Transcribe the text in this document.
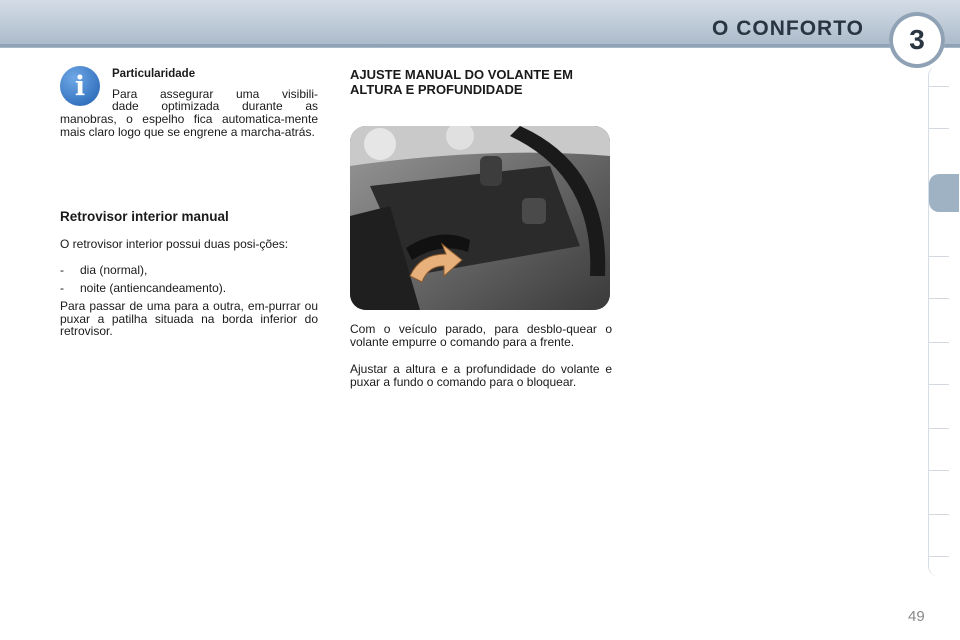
O CONFORTO	3
i	Particularidade

Para assegurar uma visibili-

dade optimizada durante as

manobras, o espelho fica automatica-mente mais claro logo que se engrene a marcha-atrás.

Retrovisor interior manual

O retrovisor interior possui duas posi-ções:

- dia (normal),
- noite (antiencandeamento).

Para passar de uma para a outra, em-purrar ou puxar a patilha situada na borda inferior do retrovisor.

AJUSTE MANUAL DO VOLANTE EM ALTURA E PROFUNDIDADE

Com o veículo parado, para desblo-quear o volante empurre o comando para a frente.

Ajustar a altura e a profundidade do volante e puxar a fundo o comando para o bloquear.

49
